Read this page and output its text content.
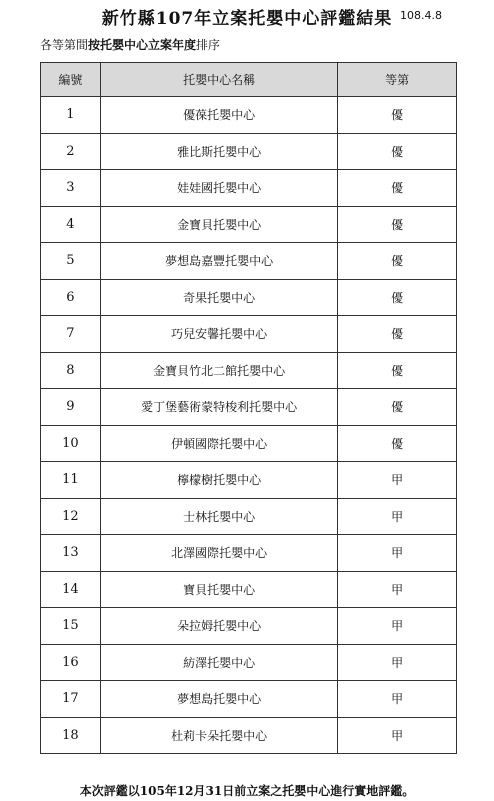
新竹縣107年立案托嬰中心評鑑結果 108.4.8
各等第間按托嬰中心立案年度排序
編號	托嬰中心名稱	等第
1	優葆托嬰中心	優
2	雅比斯托嬰中心	優
3	娃娃國托嬰中心	優
4	金寶貝托嬰中心	優
5	夢想島嘉豐托嬰中心	優
6	奇果托嬰中心	優
7	巧兒安馨托嬰中心	優
8	金寶貝竹北二館托嬰中心	優
9	愛丁堡藝術蒙特梭利托嬰中心	優
10	伊頓國際托嬰中心	優
11	檸檬樹托嬰中心	甲
12	士林托嬰中心	甲
13	北澤國際托嬰中心	甲
14	寶貝托嬰中心	甲
15	朵拉姆托嬰中心	甲
16	紡澤托嬰中心	甲
17	夢想島托嬰中心	甲
18	杜莉卡朵托嬰中心	甲
本次評鑑以105年12月31日前立案之托嬰中心進行實地評鑑。
